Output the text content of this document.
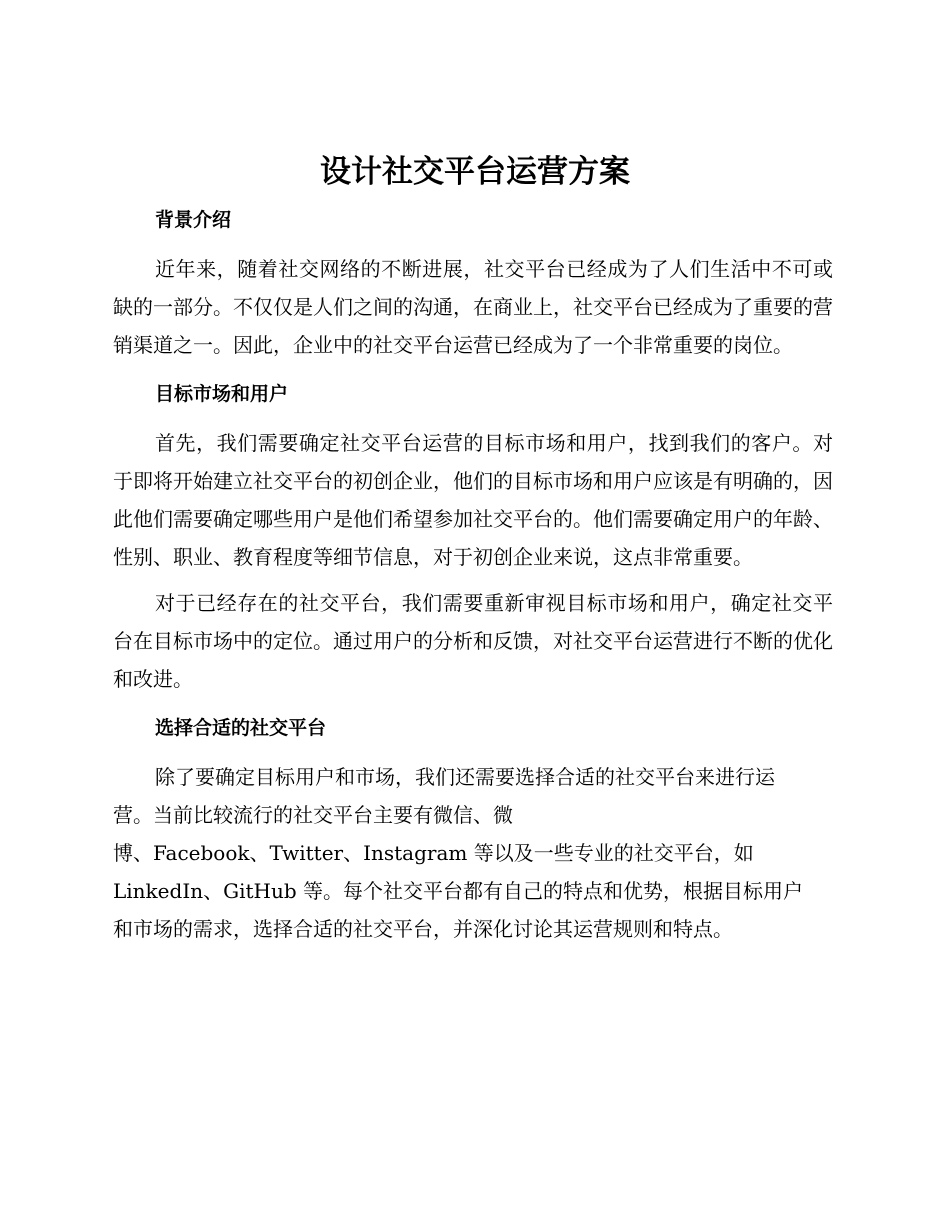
设计社交平台运营方案
背景介绍

近年来，随着社交网络的不断进展，社交平台已经成为了人们生活中不可或缺的一部分。不仅仅是人们之间的沟通，在商业上，社交平台已经成为了重要的营销渠道之一。因此，企业中的社交平台运营已经成为了一个非常重要的岗位。

目标市场和用户

首先，我们需要确定社交平台运营的目标市场和用户，找到我们的客户。对于即将开始建立社交平台的初创企业，他们的目标市场和用户应该是有明确的，因此他们需要确定哪些用户是他们希望参加社交平台的。他们需要确定用户的年龄、性别、职业、教育程度等细节信息，对于初创企业来说，这点非常重要。

对于已经存在的社交平台，我们需要重新审视目标市场和用户，确定社交平台在目标市场中的定位。通过用户的分析和反馈，对社交平台运营进行不断的优化和改进。

选择合适的社交平台
除了要确定目标用户和市场，我们还需要选择合适的社交平台来进行运
营。当前比较流行的社交平台主要有微信、微
博、Facebook、Twitter、Instagram 等以及一些专业的社交平台，如
LinkedIn、GitHub 等。每个社交平台都有自己的特点和优势，根据目标用户
和市场的需求，选择合适的社交平台，并深化讨论其运营规则和特点。
